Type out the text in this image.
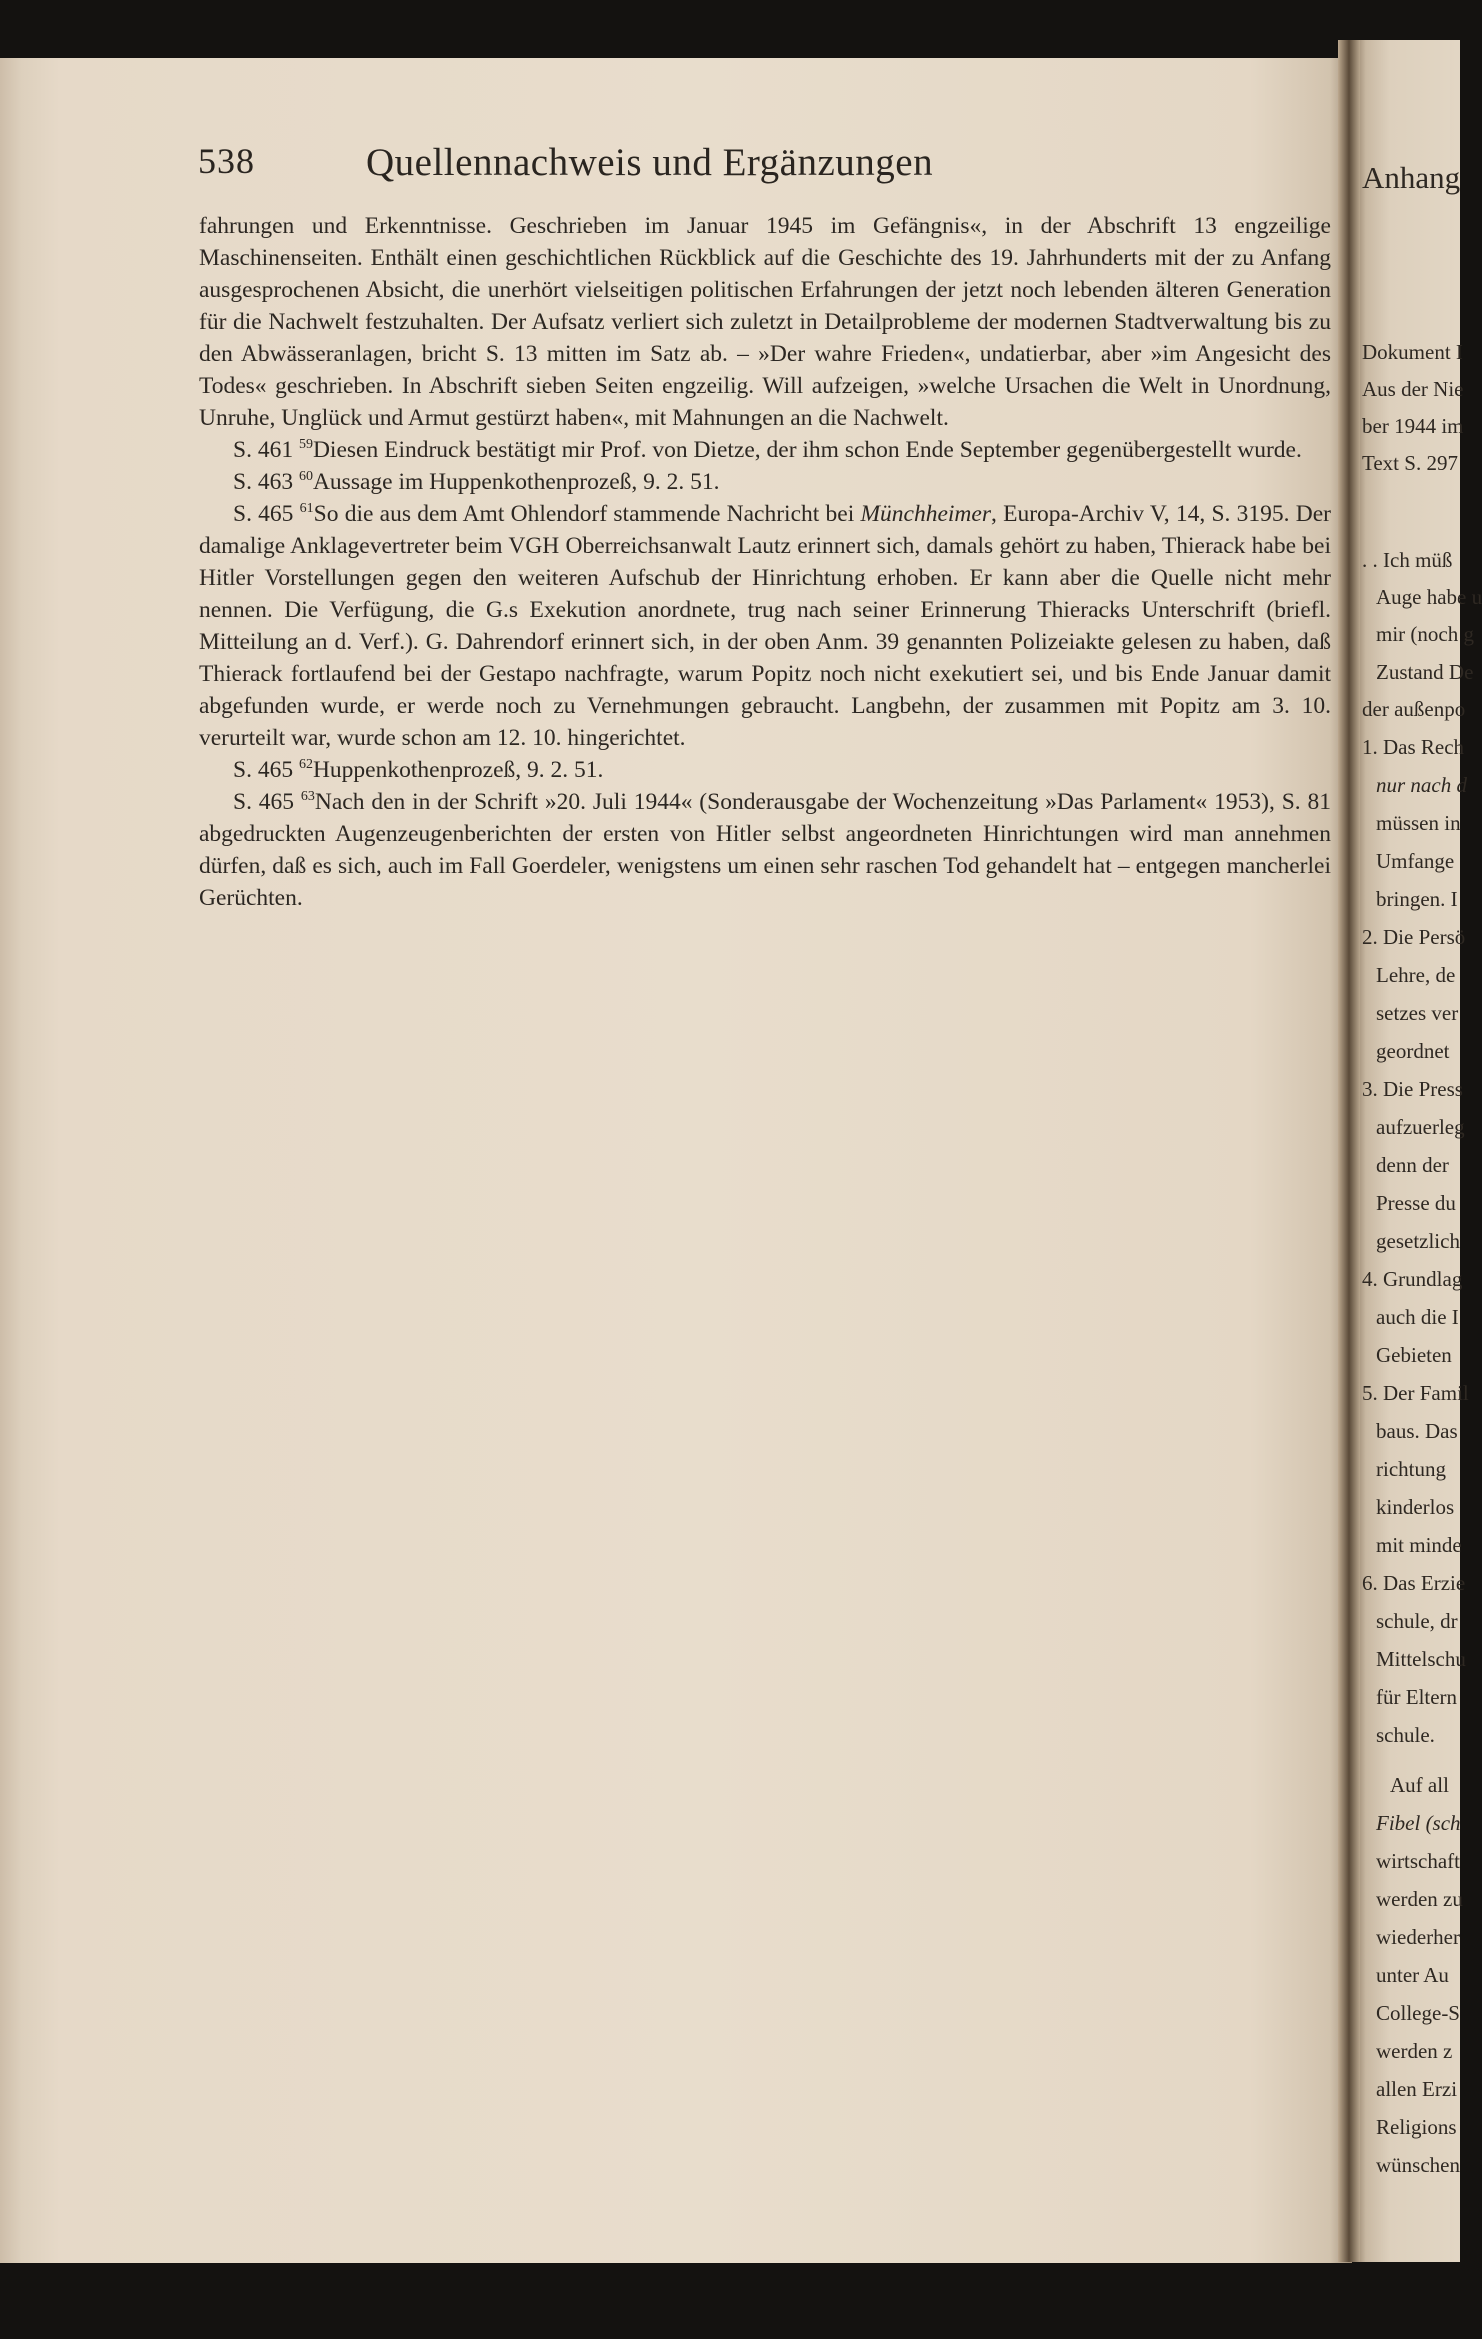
Anhang
Dokument I
Aus der Nie
ber 1944 im
Text S. 297
. . Ich müß
Auge habe u
mir (noch g
Zustand De
der außenpo
1. Das Rech
nur nach d
müssen in
Umfange
bringen. I
2. Die Persö
Lehre, de
setzes ver
geordnet
3. Die Press
aufzuerleg
denn der
Presse du
gesetzlich
4. Grundlag
auch die I
Gebieten
5. Der Famil
baus. Das
richtung
kinderlos
mit minde
6. Das Erzie
schule, dr
Mittelschu
für Eltern
schule.
Auf all
Fibel (sch
wirtschaft
werden zu
wiederher
unter Au
College-S
werden z
allen Erzi
Religions
wünschen
538	Quellennachweis und Ergänzungen

fahrungen und Erkenntnisse. Geschrieben im Januar 1945 im Gefängnis«, in der Abschrift 13 engzeilige Maschinenseiten. Enthält einen geschichtlichen Rückblick auf die Geschichte des 19. Jahrhunderts mit der zu Anfang ausgesprochenen Absicht, die unerhört vielseitigen politischen Erfahrungen der jetzt noch lebenden älteren Generation für die Nachwelt festzuhalten. Der Aufsatz verliert sich zuletzt in Detailprobleme der modernen Stadtverwaltung bis zu den Abwässeranlagen, bricht S. 13 mitten im Satz ab. – »Der wahre Frieden«, undatierbar, aber »im Angesicht des Todes« geschrieben. In Abschrift sieben Seiten engzeilig. Will aufzeigen, »welche Ursachen die Welt in Unordnung, Unruhe, Unglück und Armut gestürzt haben«, mit Mahnungen an die Nachwelt.

S. 461 $^{59}$Diesen Eindruck bestätigt mir Prof. von Dietze, der ihm schon Ende September gegenübergestellt wurde.

S. 463 $^{60}$Aussage im Huppenkothenprozeß, 9. 2. 51.

S. 465 $^{61}$So die aus dem Amt Ohlendorf stammende Nachricht bei Münchheimer, Europa-Archiv V, 14, S. 3195. Der damalige Anklagevertreter beim VGH Oberreichsanwalt Lautz erinnert sich, damals gehört zu haben, Thierack habe bei Hitler Vorstellungen gegen den weiteren Aufschub der Hinrichtung erhoben. Er kann aber die Quelle nicht mehr nennen. Die Verfügung, die G.s Exekution anordnete, trug nach seiner Erinnerung Thieracks Unterschrift (briefl. Mitteilung an d. Verf.). G. Dahrendorf erinnert sich, in der oben Anm. 39 genannten Polizeiakte gelesen zu haben, daß Thierack fortlaufend bei der Gestapo nachfragte, warum Popitz noch nicht exekutiert sei, und bis Ende Januar damit abgefunden wurde, er werde noch zu Vernehmungen gebraucht. Langbehn, der zusammen mit Popitz am 3. 10. verurteilt war, wurde schon am 12. 10. hingerichtet.

S. 465 $^{62}$Huppenkothenprozeß, 9. 2. 51.

S. 465 $^{63}$Nach den in der Schrift »20. Juli 1944« (Sonderausgabe der Wochenzeitung »Das Parlament« 1953), S. 81 abgedruckten Augenzeugenberichten der ersten von Hitler selbst angeordneten Hinrichtungen wird man annehmen dürfen, daß es sich, auch im Fall Goerdeler, wenigstens um einen sehr raschen Tod gehandelt hat – entgegen mancherlei Gerüchten.
